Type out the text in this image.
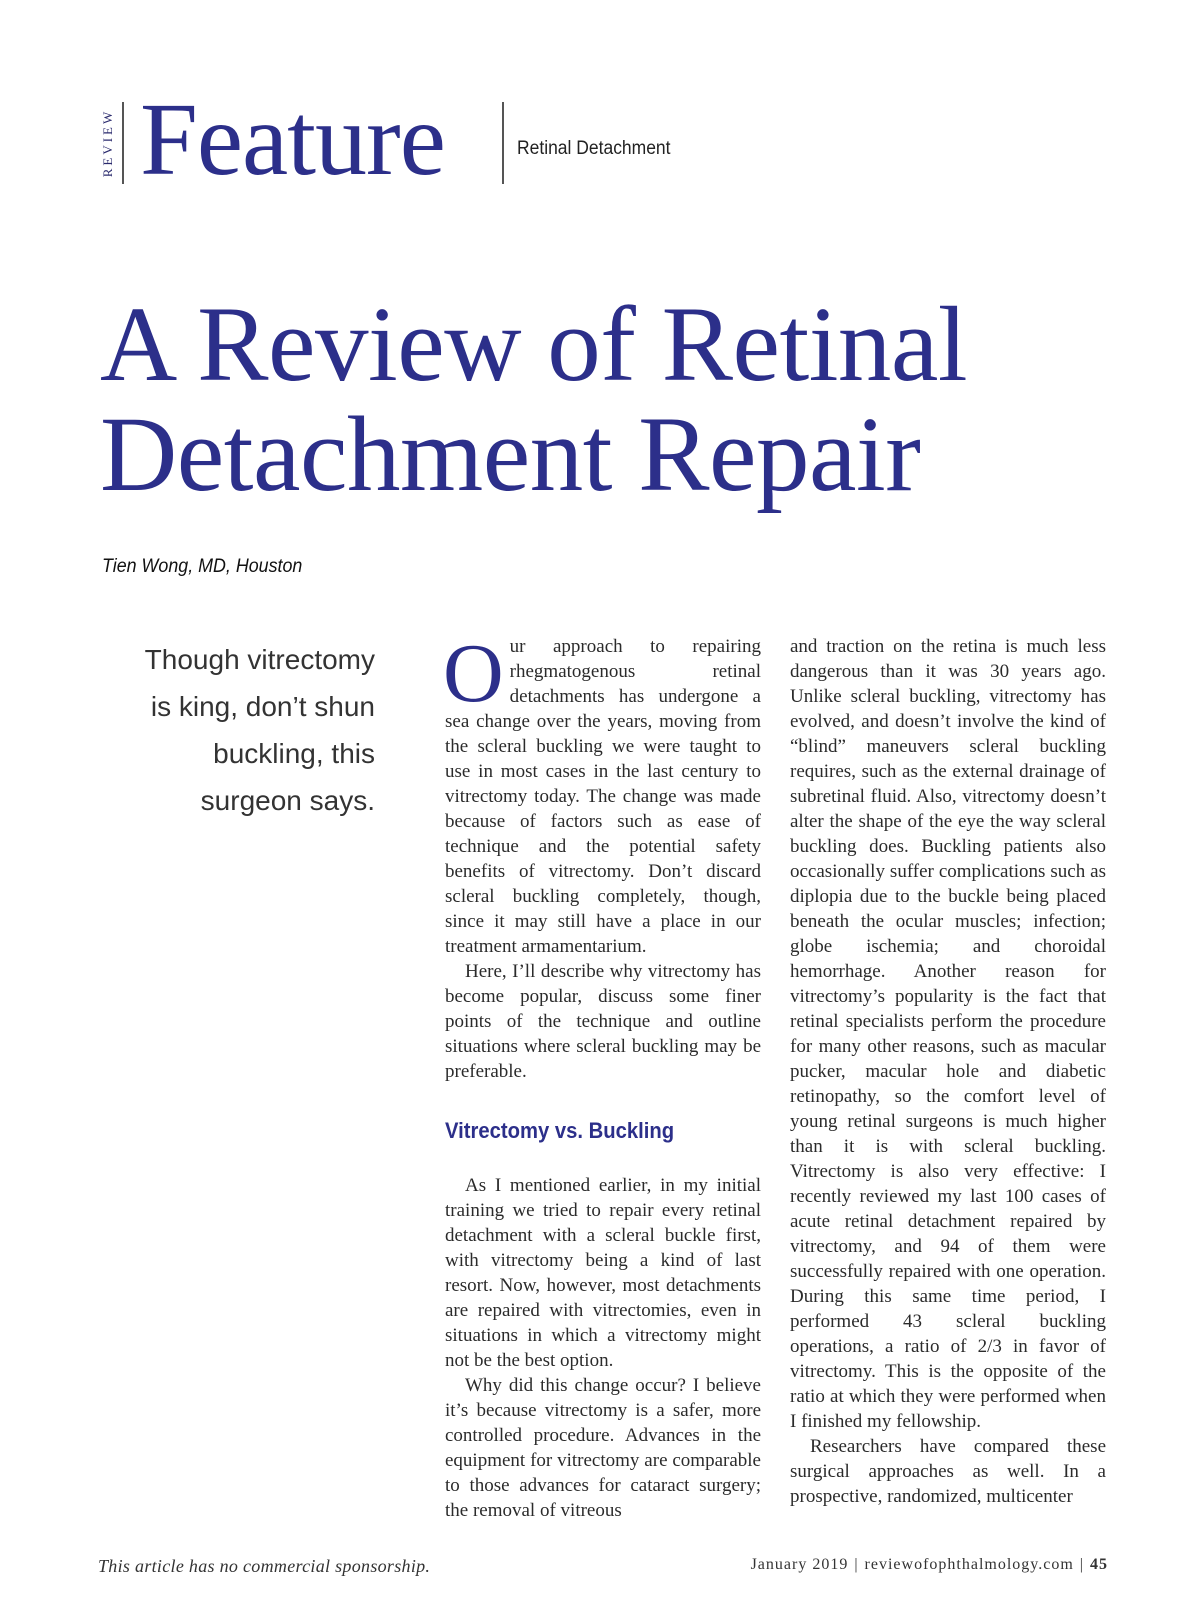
REVIEW Feature	Retinal Detachment
A Review of Retinal Detachment Repair
Tien Wong, MD, Houston
Though vitrectomy is king, don’t shun buckling, this surgeon says.

Our approach to repairing rhegmatogenous retinal detachments has undergone a sea change over the years, moving from the scleral buckling we were taught to use in most cases in the last century to vitrectomy today. The change was made because of factors such as ease of technique and the potential safety benefits of vitrectomy. Don’t discard scleral buckling completely, though, since it may still have a place in our treatment armamentarium.

Here, I’ll describe why vitrectomy has become popular, discuss some finer points of the technique and outline situations where scleral buckling may be preferable.

Vitrectomy vs. Buckling

As I mentioned earlier, in my initial training we tried to repair every retinal detachment with a scleral buckle first, with vitrectomy being a kind of last resort. Now, however, most detachments are repaired with vitrectomies, even in situations in which a vitrectomy might not be the best option.

Why did this change occur? I believe it’s because vitrectomy is a safer, more controlled procedure. Advances in the equipment for vitrectomy are comparable to those advances for cataract surgery; the removal of vitreous

and traction on the retina is much less dangerous than it was 30 years ago. Unlike scleral buckling, vitrectomy has evolved, and doesn’t involve the kind of “blind” maneuvers scleral buckling requires, such as the external drainage of subretinal fluid. Also, vitrectomy doesn’t alter the shape of the eye the way scleral buckling does. Buckling patients also occasionally suffer complications such as diplopia due to the buckle being placed beneath the ocular muscles; infection; globe ischemia; and choroidal hemorrhage. Another reason for vitrectomy’s popularity is the fact that retinal specialists perform the procedure for many other reasons, such as macular pucker, macular hole and diabetic retinopathy, so the comfort level of young retinal surgeons is much higher than it is with scleral buckling. Vitrectomy is also very effective: I recently reviewed my last 100 cases of acute retinal detachment repaired by vitrectomy, and 94 of them were successfully repaired with one operation. During this same time period, I performed 43 scleral buckling operations, a ratio of 2/3 in favor of vitrectomy. This is the opposite of the ratio at which they were performed when I finished my fellowship.

Researchers have compared these surgical approaches as well. In a prospective, randomized, multicenter

This article has no commercial sponsorship.	January 2019 | reviewofophthalmology.com | 45
